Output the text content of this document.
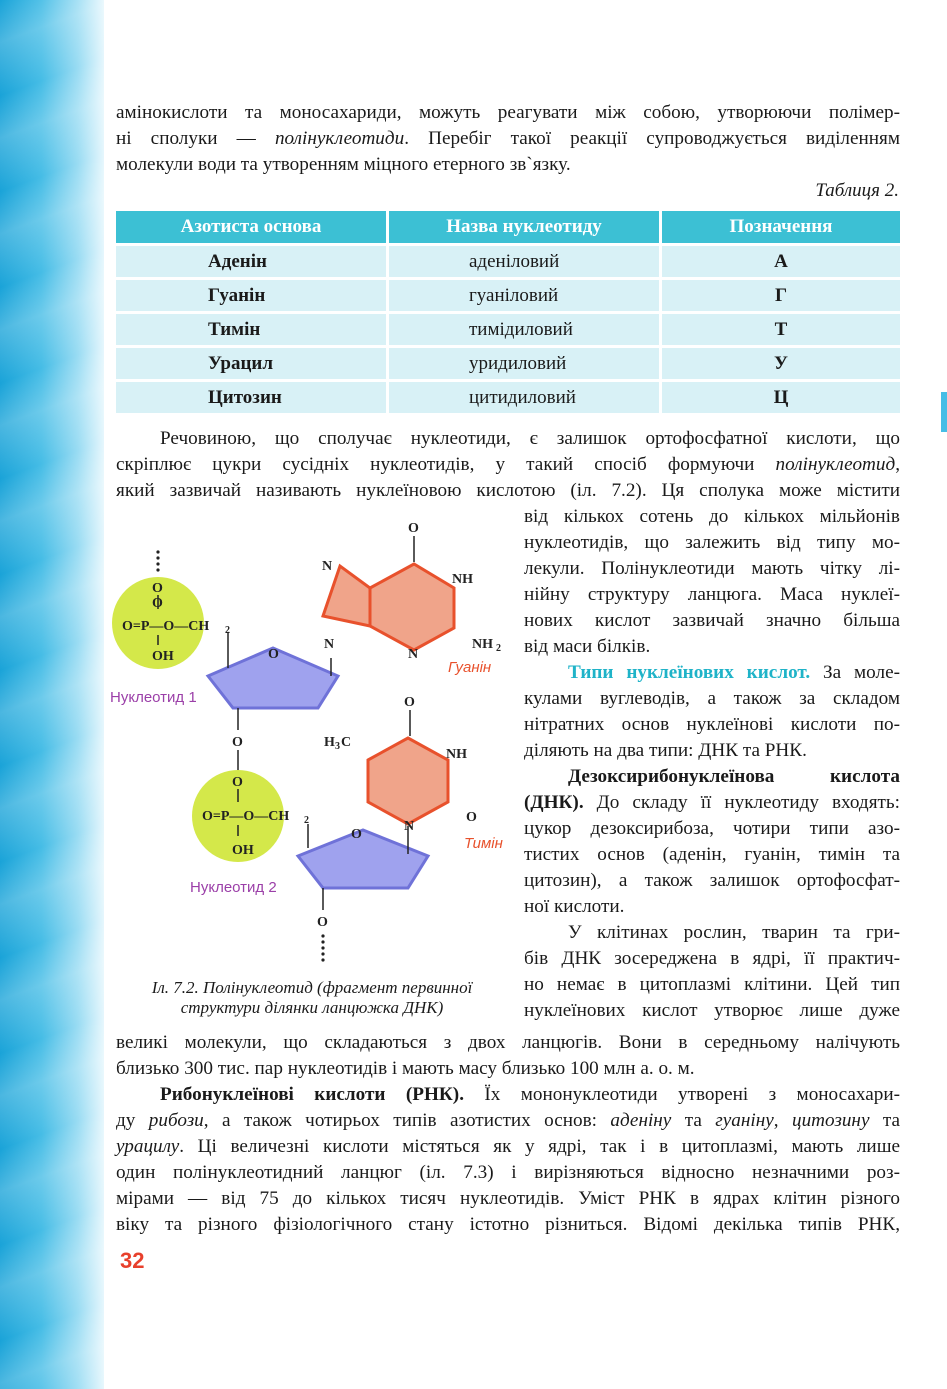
амінокислоти та моносахариди, можуть реагувати між собою, утворюючи полімер-
ні сполуки — полінуклеотиди. Перебіг такої реакції супроводжується виділенням
молекули води та утворенням міцного етерного зв`язку.
Таблиця 2.
Азотиста основа	Назва нуклеотиду	Позначення
Аденін	аденіловий	А
Гуанін	гуаніловий	Г
Тимін	тимідиловий	Т
Урацил	уридиловий	У
Цитозин	цитидиловий	Ц
Речовиною, що сполучає нуклеотиди, є залишок ортофосфатної кислоти, що
скріплює цукри сусідніх нуклеотидів, у такий спосіб формуючи полінуклеотид,
який зазвичай називають нуклеїновою кислотою (іл. 7.2). Ця сполука може містити
від кількох сотень до кількох мільйонів
нуклеотидів, що залежить від типу мо-
лекули. Полінуклеотиди мають чітку лі-
нійну структуру ланцюга. Маса нуклеї-
нових кислот зазвичай значно більша
від маси білків.
Типи нуклеїнових кислот. За моле-
кулами вуглеводів, а також за складом
нітратних основ нуклеїнові кислоти по-
діляють на два типи: ДНК та РНК.
Дезоксирибонуклеїнова кислота
(ДНК). До складу її нуклеотиду входять:
цукор дезоксирибоза, чотири типи азо-
тистих основ (аденін, гуанін, тимін та
цитозин), а також залишок ортофосфат-
ної кислоти.
У клітинах рослин, тварин та гри-
бів ДНК зосереджена в ядрі, її практич-
но немає в цитоплазмі клітини. Цей тип
нуклеїнових кислот утворює лише дуже
великі молекули, що складаються з двох ланцюгів. Вони в середньому налічують
близько 300 тис. пар нуклеотидів і мають масу близько 100 млн а. о. м.
Рибонуклеїнові кислоти (РНК). Їх мононуклеотиди утворені з моносахари-
ду рибози, а також чотирьох типів азотистих основ: аденіну та гуаніну, цитозину та
урацилу. Ці величезні кислоти містяться як у ядрі, так і в цитоплазмі, мають лише
один полінуклеотидний ланцюг (іл. 7.3) і вирізняються відносно незначними роз-
мірами — від 75 до кількох тисяч нуклеотидів. Уміст РНК в ядрах клітин різного
віку та різного фізіологічного стану істотно різниться. Відомі декілька типів РНК,
O
O
O=P—O—CH 2
OH	O
Нуклеотид 1
N
N
O
NH
NH 2
N
Гуанін
O
O
O=P—O—CH 2
OH
O
Нуклеотид 2
O
H 3 C
NH
O
N
Тимін
O
Іл. 7.2. Полінуклеотид (фрагмент первинної
структури ділянки ланцюжка ДНК)
32
